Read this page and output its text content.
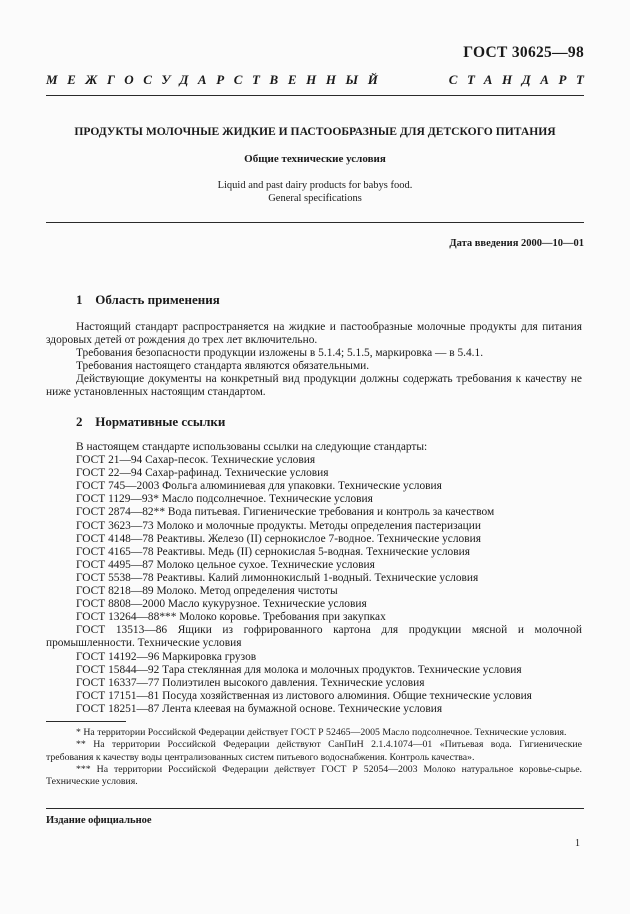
ГОСТ 30625—98
МЕЖГОСУДАРСТВЕННЫЙ	СТАНДАРТ
ПРОДУКТЫ МОЛОЧНЫЕ ЖИДКИЕ И ПАСТООБРАЗНЫЕ ДЛЯ ДЕТСКОГО ПИТАНИЯ
Общие технические условия
Liquid and past dairy products for babys food.
General specifications
Дата введения 2000—10—01
1 Область применения

Настоящий стандарт распространяется на жидкие и пастообразные молочные продукты для питания здоровых детей от рождения до трех лет включительно.

Требования безопасности продукции изложены в 5.1.4; 5.1.5, маркировка — в 5.4.1.

Требования настоящего стандарта являются обязательными.

Действующие документы на конкретный вид продукции должны содержать требования к качеству не ниже установленных настоящим стандартом.

2 Нормативные ссылки

В настоящем стандарте использованы ссылки на следующие стандарты:

ГОСТ 21—94 Сахар-песок. Технические условия

ГОСТ 22—94 Сахар-рафинад. Технические условия

ГОСТ 745—2003 Фольга алюминиевая для упаковки. Технические условия

ГОСТ 1129—93* Масло подсолнечное. Технические условия

ГОСТ 2874—82** Вода питьевая. Гигиенические требования и контроль за качеством

ГОСТ 3623—73 Молоко и молочные продукты. Методы определения пастеризации

ГОСТ 4148—78 Реактивы. Железо (II) сернокислое 7-водное. Технические условия

ГОСТ 4165—78 Реактивы. Медь (II) сернокислая 5-водная. Технические условия

ГОСТ 4495—87 Молоко цельное сухое. Технические условия

ГОСТ 5538—78 Реактивы. Калий лимоннокислый 1-водный. Технические условия

ГОСТ 8218—89 Молоко. Метод определения чистоты

ГОСТ 8808—2000 Масло кукурузное. Технические условия

ГОСТ 13264—88*** Молоко коровье. Требования при закупках

ГОСТ 13513—86 Ящики из гофрированного картона для продукции мясной и молочной промышленности. Технические условия

ГОСТ 14192—96 Маркировка грузов

ГОСТ 15844—92 Тара стеклянная для молока и молочных продуктов. Технические условия

ГОСТ 16337—77 Полиэтилен высокого давления. Технические условия

ГОСТ 17151—81 Посуда хозяйственная из листового алюминия. Общие технические условия

ГОСТ 18251—87 Лента клеевая на бумажной основе. Технические условия

* На территории Российской Федерации действует ГОСТ Р 52465—2005 Масло подсолнечное. Технические условия.

** На территории Российской Федерации действуют СанПиН 2.1.4.1074—01 «Питьевая вода. Гигиенические требования к качеству воды централизованных систем питьевого водоснабжения. Контроль качества».

*** На территории Российской Федерации действует ГОСТ Р 52054—2003 Молоко натуральное коровье-сырье. Технические условия.

Издание официальное
1
